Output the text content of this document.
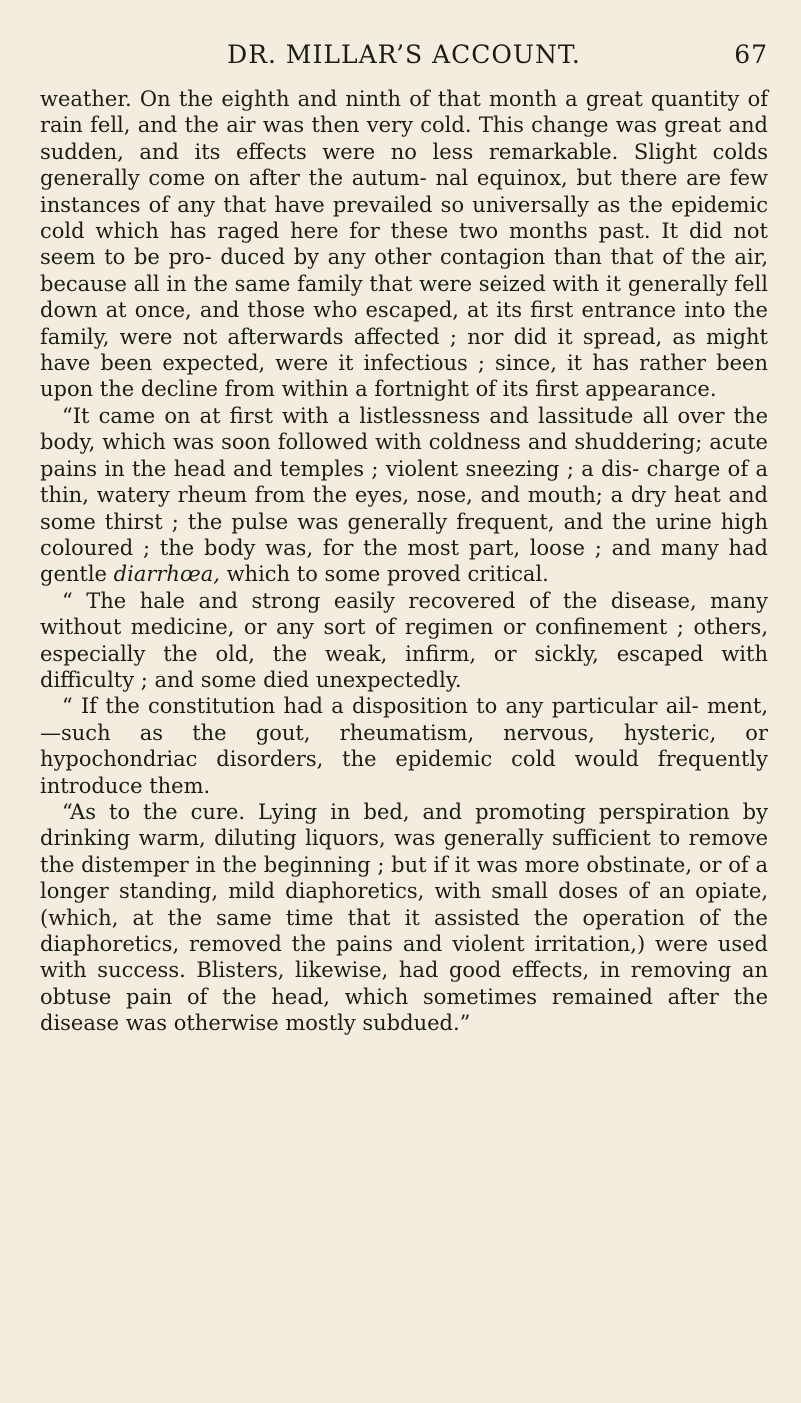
DR. MILLAR’S ACCOUNT.	67

weather. On the eighth and ninth of that month a great quantity of rain fell, and the air was then very cold. This change was great and sudden, and its effects were no less remarkable. Slight colds generally come on after the autum- nal equinox, but there are few instances of any that have prevailed so universally as the epidemic cold which has raged here for these two months past. It did not seem to be pro- duced by any other contagion than that of the air, because all in the same family that were seized with it generally fell down at once, and those who escaped, at its first entrance into the family, were not afterwards affected ; nor did it spread, as might have been expected, were it infectious ; since, it has rather been upon the decline from within a fortnight of its first appearance.

“It came on at first with a listlessness and lassitude all over the body, which was soon followed with coldness and shuddering; acute pains in the head and temples ; violent sneezing ; a dis- charge of a thin, watery rheum from the eyes, nose, and mouth; a dry heat and some thirst ; the pulse was generally frequent, and the urine high coloured ; the body was, for the most part, loose ; and many had gentle diarrhœa, which to some proved critical.

“ The hale and strong easily recovered of the disease, many without medicine, or any sort of regimen or confinement ; others, especially the old, the weak, infirm, or sickly, escaped with difficulty ; and some died unexpectedly.

“ If the constitution had a disposition to any particular ail- ment,—such as the gout, rheumatism, nervous, hysteric, or hypochondriac disorders, the epidemic cold would frequently introduce them.

“As to the cure. Lying in bed, and promoting perspiration by drinking warm, diluting liquors, was generally sufficient to remove the distemper in the beginning ; but if it was more obstinate, or of a longer standing, mild diaphoretics, with small doses of an opiate, (which, at the same time that it assisted the operation of the diaphoretics, removed the pains and violent irritation,) were used with success. Blisters, likewise, had good effects, in removing an obtuse pain of the head, which sometimes remained after the disease was otherwise mostly subdued.”
